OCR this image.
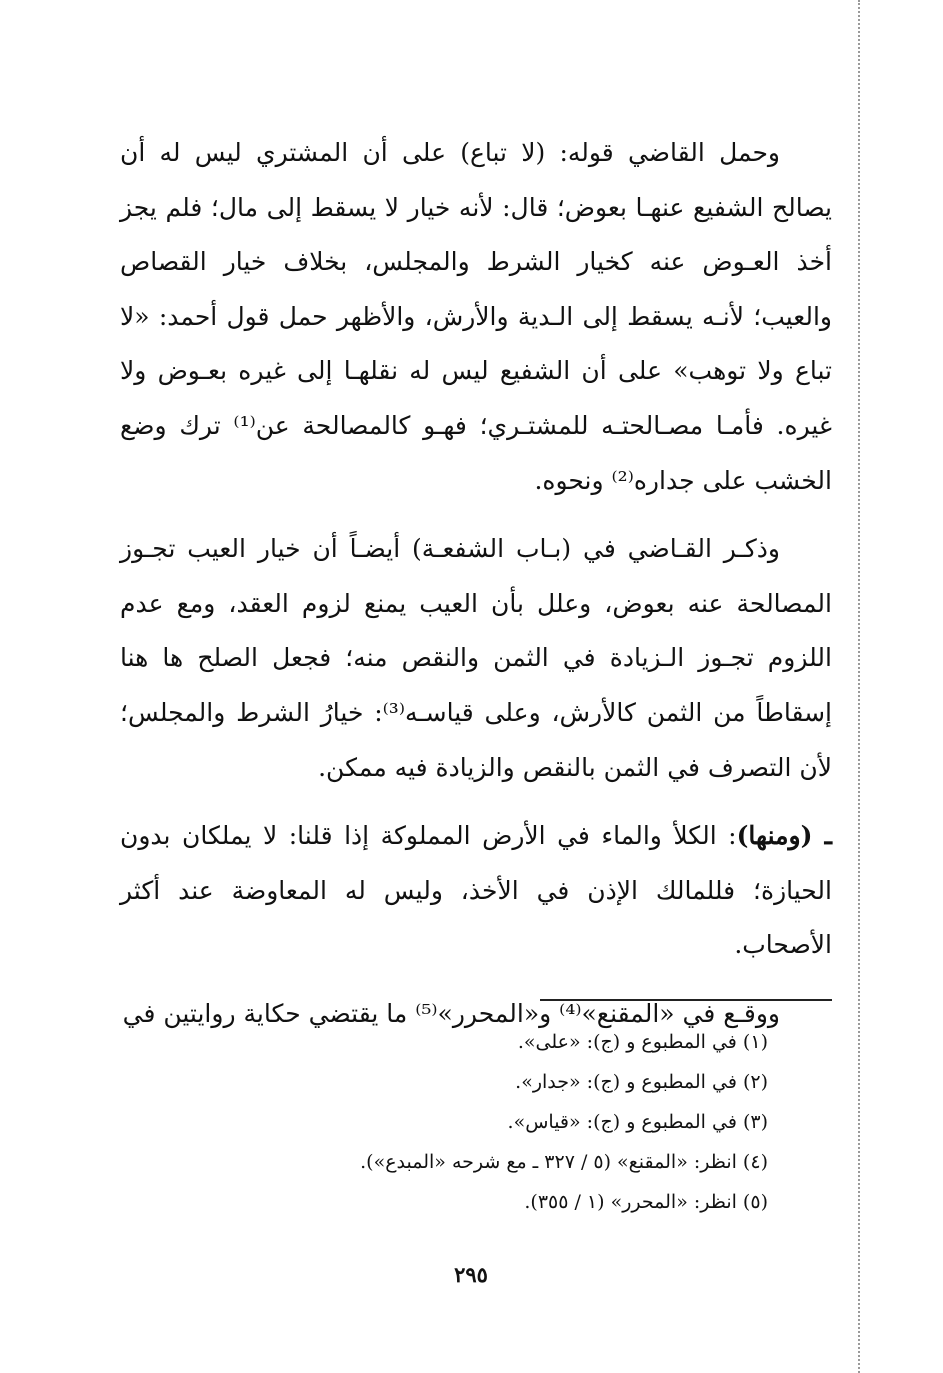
وحمل القاضي قوله: (لا تباع) على أن المشتري ليس له أن يصالح الشفيع عنهـا بعوض؛ قال: لأنه خيار لا يسقط إلى مال؛ فلم يجز أخذ العـوض عنه كخيار الشرط والمجلس، بخلاف خيار القصاص والعيب؛ لأنـه يسقط إلى الـدية والأرش، والأظهر حمل قول أحمد: «لا تباع ولا توهب» على أن الشفيع ليس له نقلهـا إلى غيره بعـوض ولا غيره. فأمـا مصـالحتـه للمشتـري؛ فهـو كالمصالحة عن⁽¹⁾ ترك وضع الخشب على جداره⁽²⁾ ونحوه.

وذكـر القـاضي في (بـاب الشفعـة) أيضـاً أن خيار العيب تجـوز المصالحة عنه بعوض، وعلل بأن العيب يمنع لزوم العقد، ومع عدم اللزوم تجـوز الـزيادة في الثمن والنقص منه؛ فجعل الصلح ها هنا إسقاطاً من الثمن كالأرش، وعلى قياسـه⁽³⁾: خيارُ الشرط والمجلس؛ لأن التصرف في الثمن بالنقص والزيادة فيه ممكن.

ـ (ومنها): الكلأ والماء في الأرض المملوكة إذا قلنا: لا يملكان بدون الحيازة؛ فللمالك الإذن في الأخذ، وليس له المعاوضة عند أكثر الأصحاب.

ووقـع في «المقنع»⁽⁴⁾ و«المحرر»⁽⁵⁾ ما يقتضي حكاية روايتين في

(١) في المطبوع و (ج): «على».

(٢) في المطبوع و (ج): «جدار».

(٣) في المطبوع و (ج): «قياس».

(٤) انظر: «المقنع» (٥ / ٣٢٧ ـ مع شرحه «المبدع»).

(٥) انظر: «المحرر» (١ / ٣٥٥).

٢٩٥
